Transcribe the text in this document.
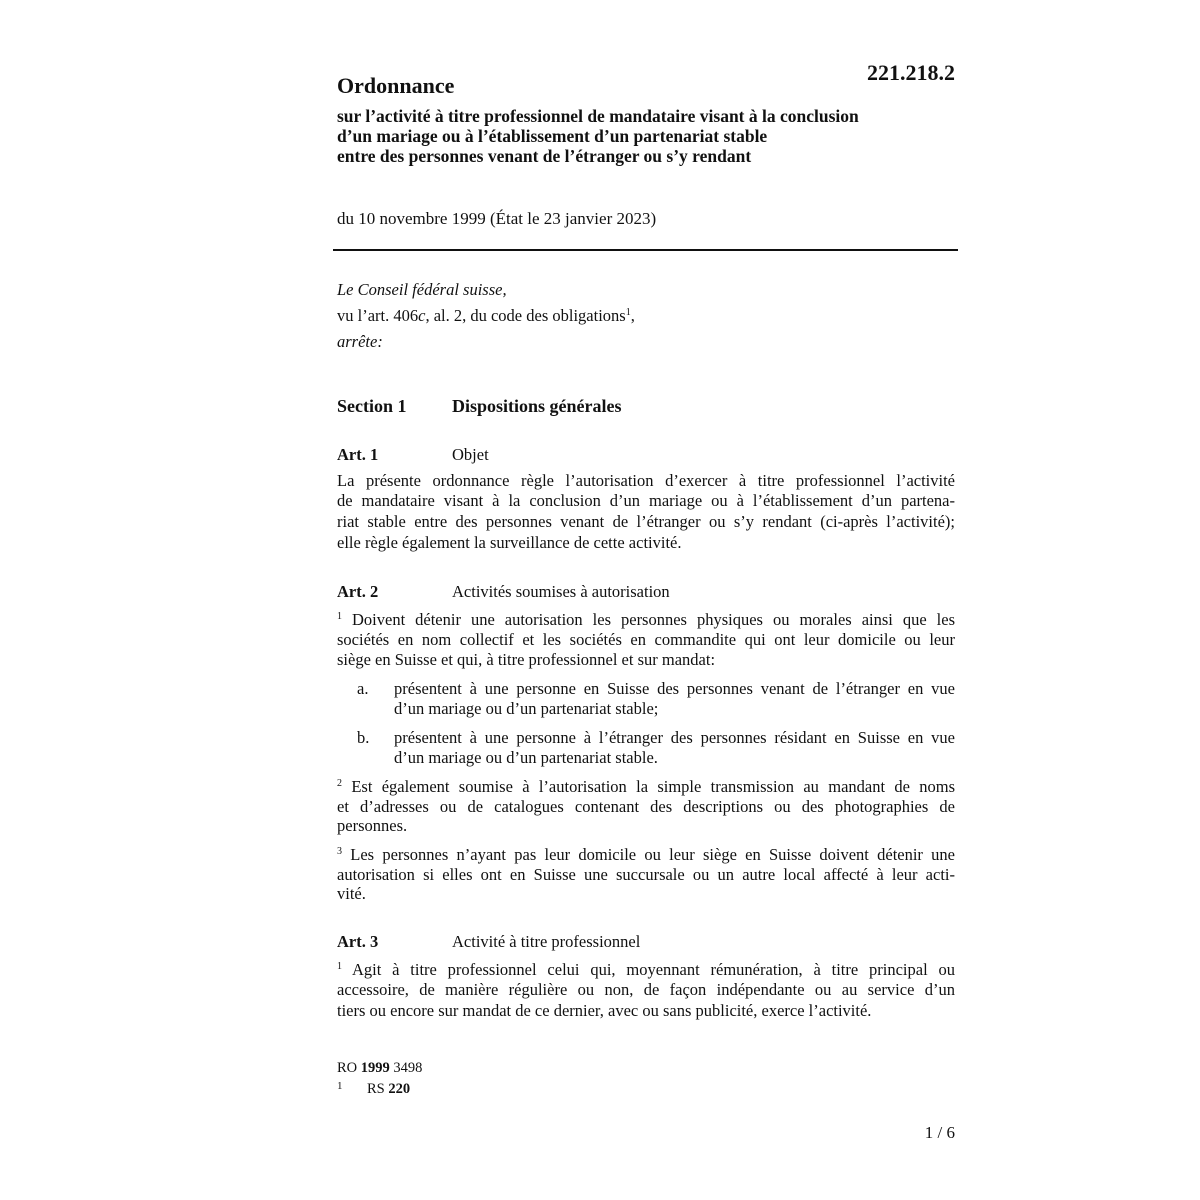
Ordonnance
221.218.2
sur l’activité à titre professionnel de mandataire visant à la conclusion
d’un mariage ou à l’établissement d’un partenariat stable
entre des personnes venant de l’étranger ou s’y rendant
du 10 novembre 1999 (État le 23 janvier 2023)
Le Conseil fédéral suisse,
vu l’art. 406c, al. 2, du code des obligations$^1$,
arrête:
Section 1	Dispositions générales
Art. 1	Objet
La présente ordonnance règle l’autorisation d’exercer à titre professionnel l’activité
de mandataire visant à la conclusion d’un mariage ou à l’établissement d’un partena-
riat stable entre des personnes venant de l’étranger ou s’y rendant (ci-après l’activité);
elle règle également la surveillance de cette activité.
Art. 2	Activités soumises à autorisation
$^1$ Doivent détenir une autorisation les personnes physiques ou morales ainsi que les
sociétés en nom collectif et les sociétés en commandite qui ont leur domicile ou leur
siège en Suisse et qui, à titre professionnel et sur mandat:
a. présentent à une personne en Suisse des personnes venant de l’étranger en vue
d’un mariage ou d’un partenariat stable;
b. présentent à une personne à l’étranger des personnes résidant en Suisse en vue
d’un mariage ou d’un partenariat stable.
$^2$ Est également soumise à l’autorisation la simple transmission au mandant de noms
et d’adresses ou de catalogues contenant des descriptions ou des photographies de
personnes.
$^3$ Les personnes n’ayant pas leur domicile ou leur siège en Suisse doivent détenir une
autorisation si elles ont en Suisse une succursale ou un autre local affecté à leur acti-
vité.
Art. 3	Activité à titre professionnel
$^1$ Agit à titre professionnel celui qui, moyennant rémunération, à titre principal ou
accessoire, de manière régulière ou non, de façon indépendante ou au service d’un
tiers ou encore sur mandat de ce dernier, avec ou sans publicité, exerce l’activité.
RO 1999 3498
1 RS 220
1 / 6
